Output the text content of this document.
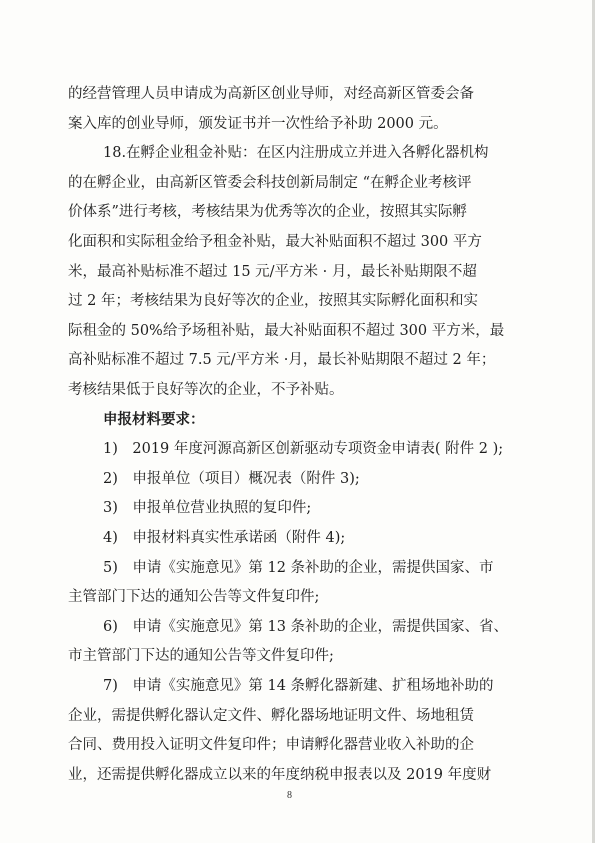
的经营管理人员申请成为高新区创业导师，对经高新区管委会备
案入库的创业导师，颁发证书并一次性给予补助 2000 元。
18.在孵企业租金补贴：在区内注册成立并进入各孵化器机构
的在孵企业，由高新区管委会科技创新局制定 “在孵企业考核评
价体系”进行考核，考核结果为优秀等次的企业，按照其实际孵
化面积和实际租金给予租金补贴，最大补贴面积不超过 300 平方
米，最高补贴标准不超过 15 元/平方米 · 月，最长补贴期限不超
过 2 年；考核结果为良好等次的企业，按照其实际孵化面积和实
际租金的 50%给予场租补贴，最大补贴面积不超过 300 平方米，最
高补贴标准不超过 7.5 元/平方米 ·月，最长补贴期限不超过 2 年；
考核结果低于良好等次的企业，不予补贴。
申报材料要求：
1)　2019 年度河源高新区创新驱动专项资金申请表( 附件 2 );
2)　申报单位（项目）概况表（附件 3);
3)　申报单位营业执照的复印件;
4)　申报材料真实性承诺函（附件 4);
5)　申请《实施意见》第 12 条补助的企业，需提供国家、市
主管部门下达的通知公告等文件复印件;
6)　申请《实施意见》第 13 条补助的企业，需提供国家、省、
市主管部门下达的通知公告等文件复印件;
7)　申请《实施意见》第 14 条孵化器新建、扩租场地补助的
企业，需提供孵化器认定文件、孵化器场地证明文件、场地租赁
合同、费用投入证明文件复印件；申请孵化器营业收入补助的企
业，还需提供孵化器成立以来的年度纳税申报表以及 2019 年度财
8
